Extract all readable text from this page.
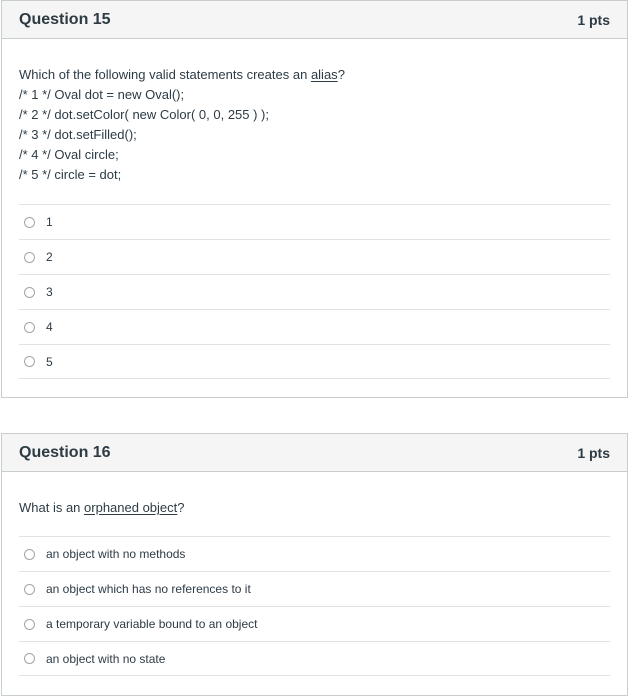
Question 15	1 pts
Which of the following valid statements creates an alias?
/* 1 */ Oval dot = new Oval();
/* 2 */ dot.setColor( new Color( 0, 0, 255 ) );
/* 3 */ dot.setFilled();
/* 4 */ Oval circle;
/* 5 */ circle = dot;
1
2
3
4
5
Question 16	1 pts
What is an orphaned object?
an object with no methods
an object which has no references to it
a temporary variable bound to an object
an object with no state
